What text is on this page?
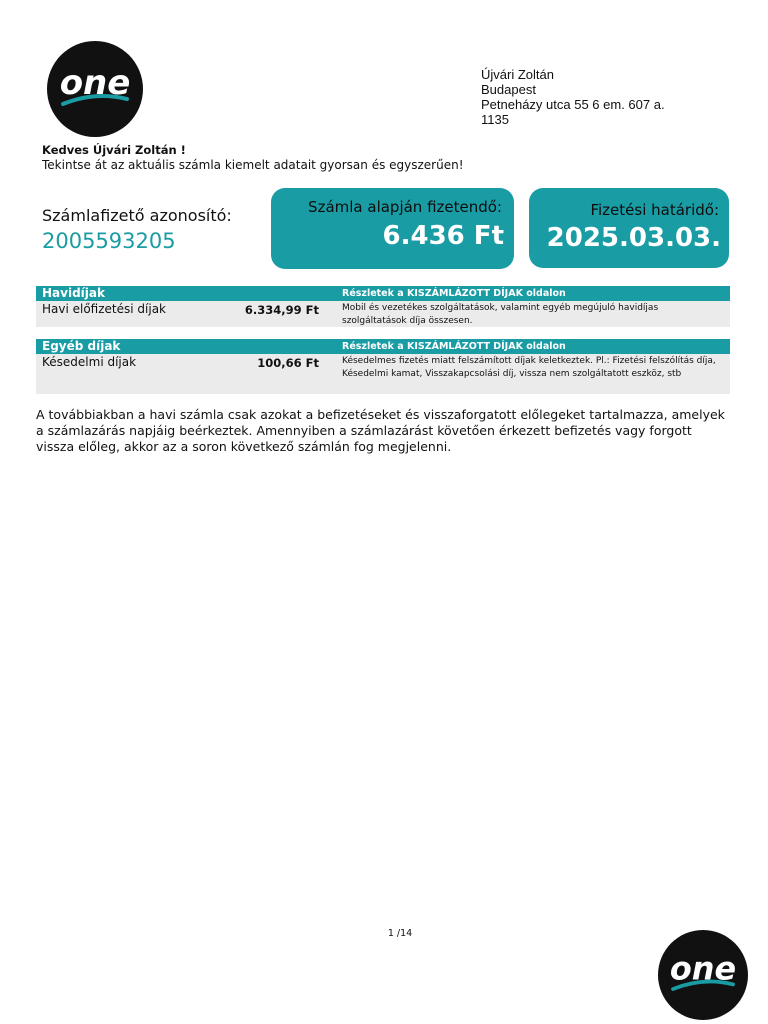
one	Újvári Zoltán
Budapest
Petneházy utca 55 6 em. 607 a.
1135
Kedves Újvári Zoltán !
Tekintse át az aktuális számla kiemelt adatait gyorsan és egyszerűen!
Számlafizető azonosító:
2005593205
Számla alapján fizetendő:
6.436 Ft
Fizetési határidő:
2025.03.03.
Havidíjak	Részletek a KISZÁMLÁZOTT DÍJAK oldalon
Havi előfizetési díjak	6.334,99 Ft	Mobil és vezetékes szolgáltatások, valamint egyéb megújuló havidíjas szolgáltatások díja összesen.
Egyéb díjak	Részletek a KISZÁMLÁZOTT DÍJAK oldalon
Késedelmi díjak	100,66 Ft	Késedelmes fizetés miatt felszámított díjak keletkeztek. Pl.: Fizetési felszólítás díja, Késedelmi kamat, Visszakapcsolási díj, vissza nem szolgáltatott eszköz, stb
A továbbiakban a havi számla csak azokat a befizetéseket és visszaforgatott előlegeket tartalmazza, amelyek a számlazárás napjáig beérkeztek. Amennyiben a számlazárást követően érkezett befizetés vagy forgott vissza előleg, akkor az a soron következő számlán fog megjelenni.
1 /14
one
